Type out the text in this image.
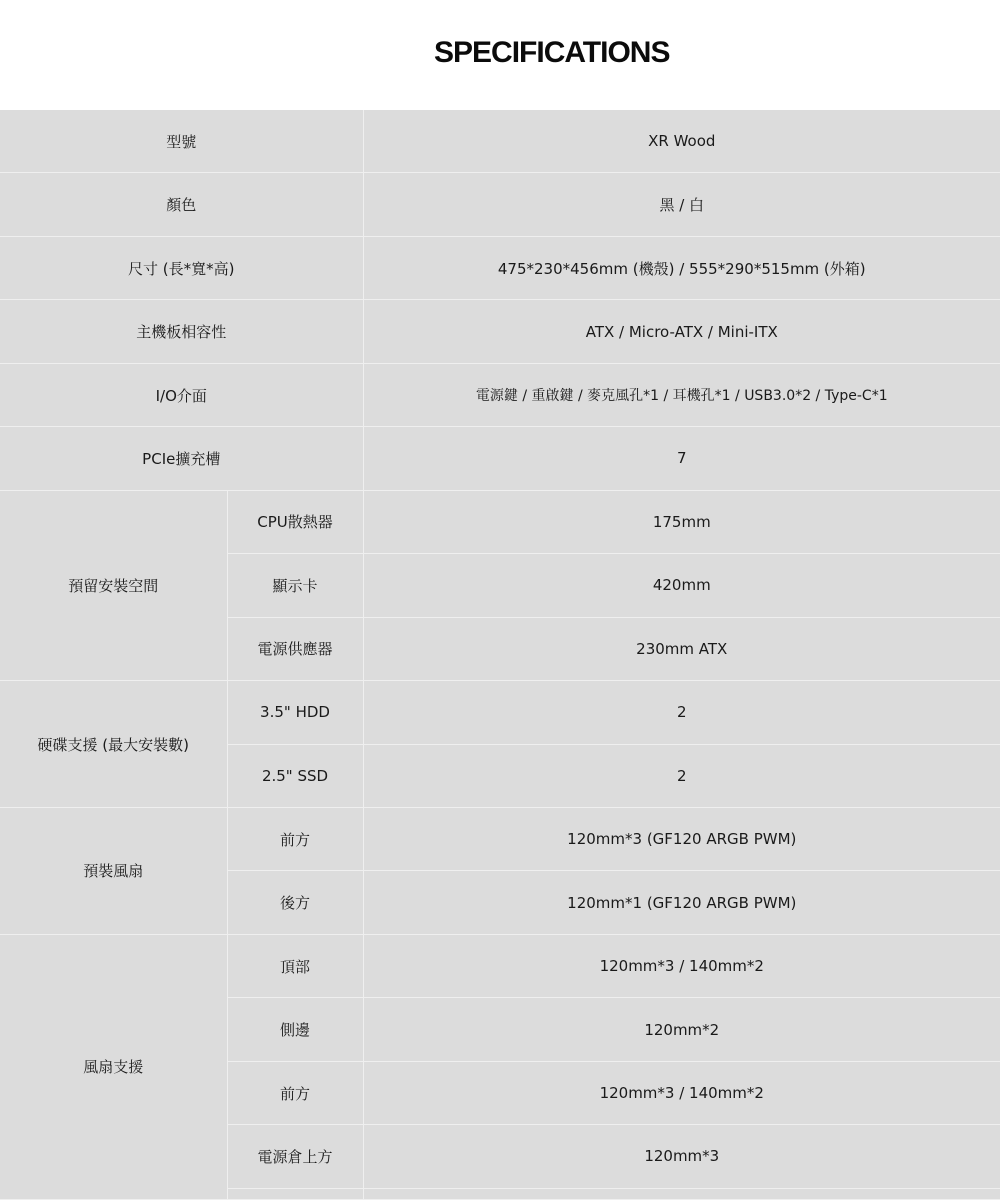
SPECIFICATIONS
型號		XR Wood
顏色		黑 / 白
尺寸 (長*寬*高)		475*230*456mm (機殼) / 555*290*515mm (外箱)
主機板相容性		ATX / Micro-ATX / Mini-ITX
I/O介面		電源鍵 / 重啟鍵 / 麥克風孔*1 / 耳機孔*1 / USB3.0*2 / Type-C*1
PCIe擴充槽		7
預留安裝空間	CPU散熱器	175mm
	顯示卡	420mm
	電源供應器	230mm ATX
硬碟支援 (最大安裝數)	3.5" HDD	2
	2.5" SSD	2
預裝風扇	前方	120mm*3 (GF120 ARGB PWM)
	後方	120mm*1 (GF120 ARGB PWM)
風扇支援	頂部	120mm*3 / 140mm*2
	側邊	120mm*2
	前方	120mm*3 / 140mm*2
	電源倉上方	120mm*3
